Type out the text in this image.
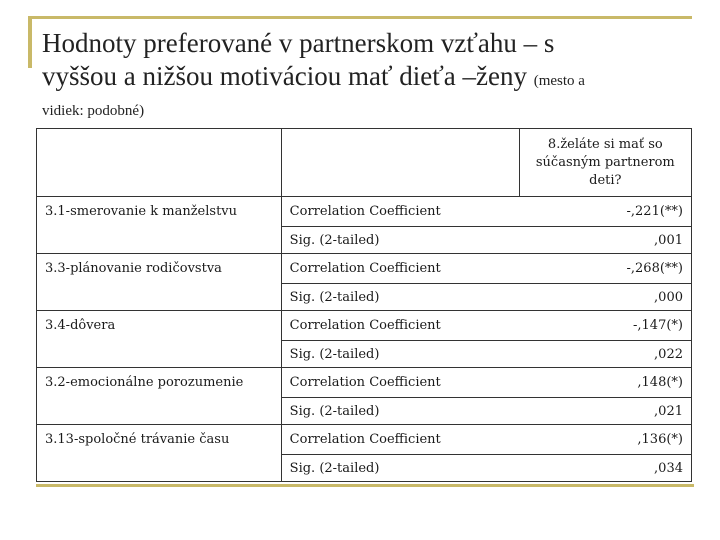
Hodnoty preferované v partnerskom vzťahu – s
vyššou a nižšou motiváciou mať dieťa –ženy (mesto a
vidiek: podobné)
		8.želáte si mať so súčasným partnerom deti?
3.1-smerovanie k manželstvu	Correlation Coefficient	-,221(**)
	Sig. (2-tailed)	,001
3.3-plánovanie rodičovstva	Correlation Coefficient	-,268(**)
	Sig. (2-tailed)	,000
3.4-dôvera	Correlation Coefficient	-,147(*)
	Sig. (2-tailed)	,022
3.2-emocionálne porozumenie	Correlation Coefficient	,148(*)
	Sig. (2-tailed)	,021
3.13-spoločné trávanie času	Correlation Coefficient	,136(*)
	Sig. (2-tailed)	,034
